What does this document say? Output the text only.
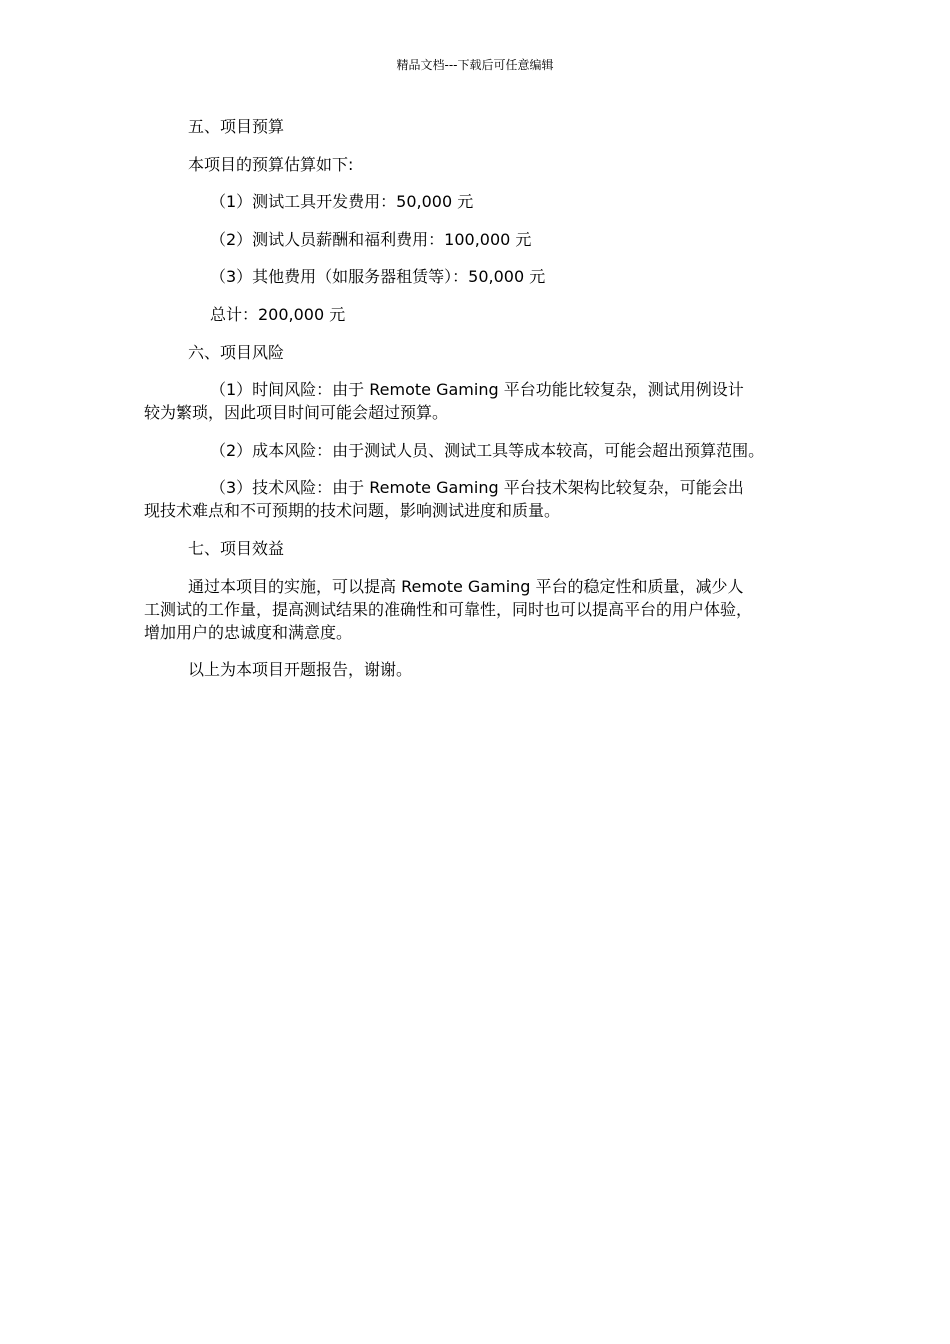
精品文档---下载后可任意编辑
五、项目预算
本项目的预算估算如下:
（1）测试工具开发费用：50,000 元
（2）测试人员薪酬和福利费用：100,000 元
（3）其他费用（如服务器租赁等）：50,000 元
总计：200,000 元
六、项目风险
（1）时间风险：由于 Remote Gaming 平台功能比较复杂，测试用例设计
较为繁琐，因此项目时间可能会超过预算。
（2）成本风险：由于测试人员、测试工具等成本较高，可能会超出预算范围。
（3）技术风险：由于 Remote Gaming 平台技术架构比较复杂，可能会出
现技术难点和不可预期的技术问题，影响测试进度和质量。
七、项目效益
通过本项目的实施，可以提高 Remote Gaming 平台的稳定性和质量，减少人
工测试的工作量，提高测试结果的准确性和可靠性，同时也可以提高平台的用户体验，
增加用户的忠诚度和满意度。
以上为本项目开题报告，谢谢。
